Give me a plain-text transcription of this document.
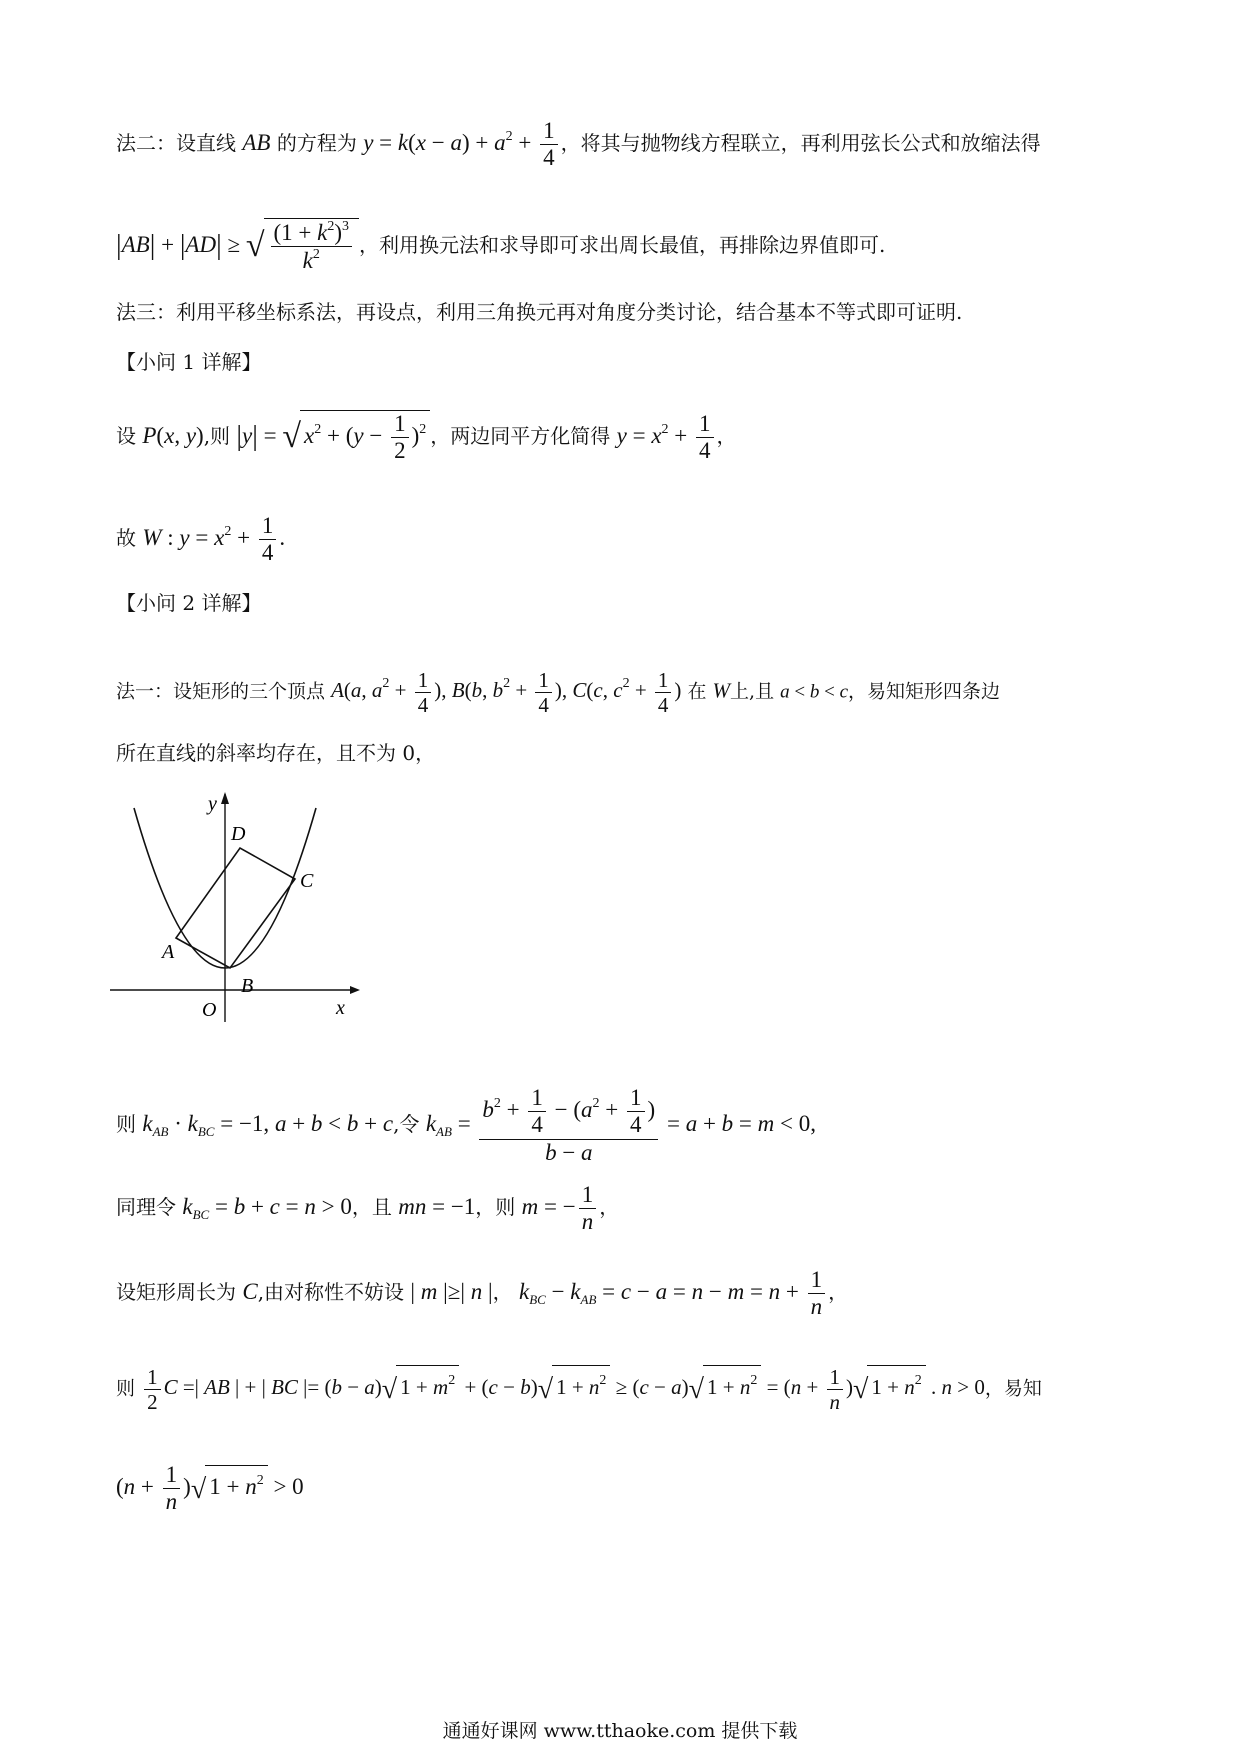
法二：设直线 AB 的方程为 $y = k(x - a) + a^2 + \frac{1}{4}$ ，将其与抛物线方程联立，再利用弦长公式和放缩法得
|AB| + |AD| ≥ √ $\frac{(1 + k^2)^3}{k^2}$ ，利用换元法和求导即可求出周长最值，再排除边界值即可.
法三：利用平移坐标系法，再设点，利用三角换元再对角度分类讨论，结合基本不等式即可证明.
【小问 1 详解】
设 P(x, y),则 |y| = √ $x^2 + (y - \frac{1}{2} )^2$ ，两边同平方化简得 $y = x^2 + \frac{1}{4}$ ，
故 W : $y = x^2 + \frac{1}{4}$ .
【小问 2 详解】
法一：设矩形的三个顶点 A(a, $a^2 + \frac{1}{4}$ ), B(b, $b^2 + \frac{1}{4}$ ), C(c, $c^2 + \frac{1}{4}$ ) 在 W上,且 a < b < c，易知矩形四条边
所在直线的斜率均存在，且不为 0，
y
x
O
A
B
C
D
则 $k_{AB} \cdot k_{BC} = -1$, a + b < b + c,令 $k_{AB} = \frac{b^2 + \frac{1}{4} - (a^2 + \frac{1}{4} )}{b - a} = a + b = m < 0$,
同理令 $k_{BC} = b + c = n > 0$，且 mn = −1，则 m = − $\frac{1}{n}$ ，
设矩形周长为 C,由对称性不妨设 | m |≥| n |， $k_{BC} - k_{AB} = c - a = n - m = n + \frac{1}{n}$ ，
则 $\frac{1}{2}$ C =| AB | + | BC |= (b − a)√ $1 + m^2 + (c - b)√$ $1 + n^2 \ge (c - a)√$ $1 + n^2 = (n + \frac{1}{n}$ )√ $1 + n^2$ . n > 0，易知
($n + \frac{1}{n}$ )√ $1 + n^2 > 0$
通通好课网 www.tthaoke.com 提供下载
